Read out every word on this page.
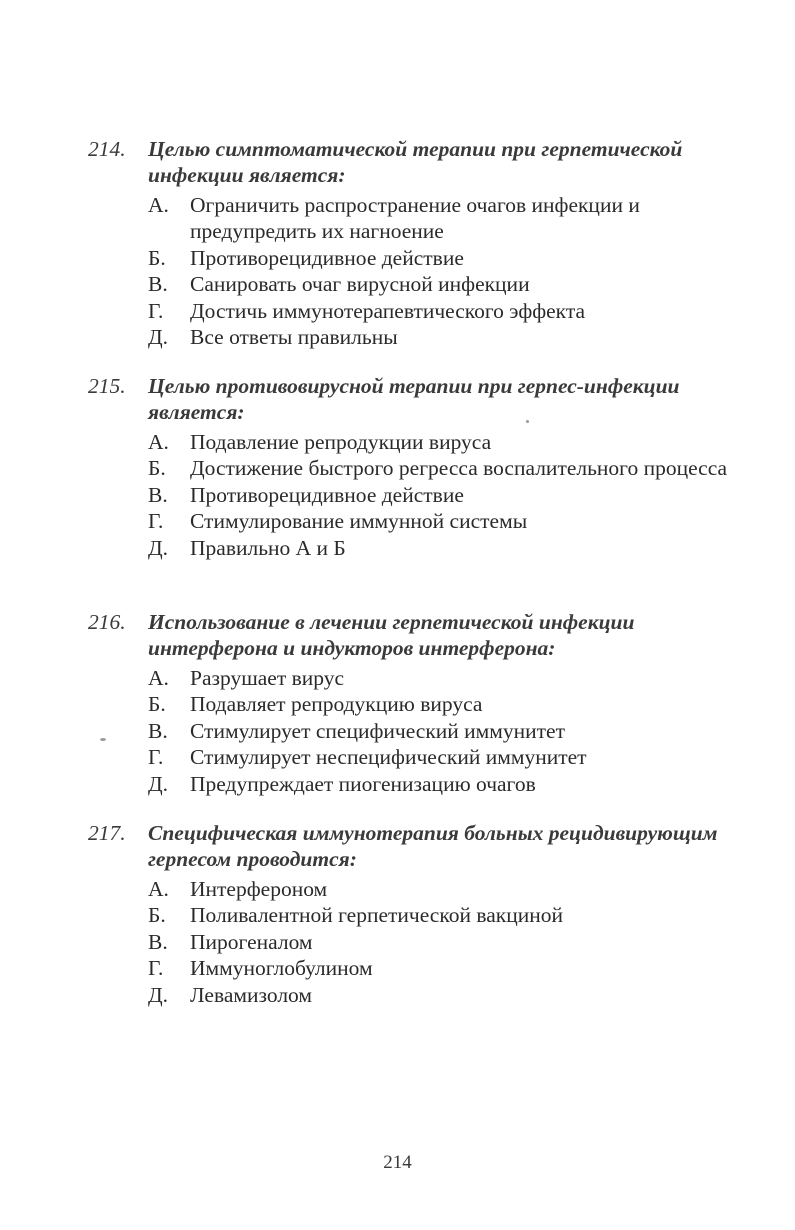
214. Целью симптоматической терапии при герпетической инфекции является:
А. Ограничить распространение очагов инфекции и предупредить их нагноение
Б. Противорецидивное действие
В. Санировать очаг вирусной инфекции
Г. Достичь иммунотерапевтического эффекта
Д. Все ответы правильны
215. Целью противовирусной терапии при герпес-инфекции является:
А. Подавление репродукции вируса
Б. Достижение быстрого регресса воспалительного процесса
В. Противорецидивное действие
Г. Стимулирование иммунной системы
Д. Правильно А и Б
216. Использование в лечении герпетической инфекции интерферона и индукторов интерферона:
А. Разрушает вирус
Б. Подавляет репродукцию вируса
В. Стимулирует специфический иммунитет
Г. Стимулирует неспецифический иммунитет
Д. Предупреждает пиогенизацию очагов
217. Специфическая иммунотерапия больных рецидивирующим герпесом проводится:
А. Интерфероном
Б. Поливалентной герпетической вакциной
В. Пирогеналом
Г. Иммуноглобулином
Д. Левамизолом
214
